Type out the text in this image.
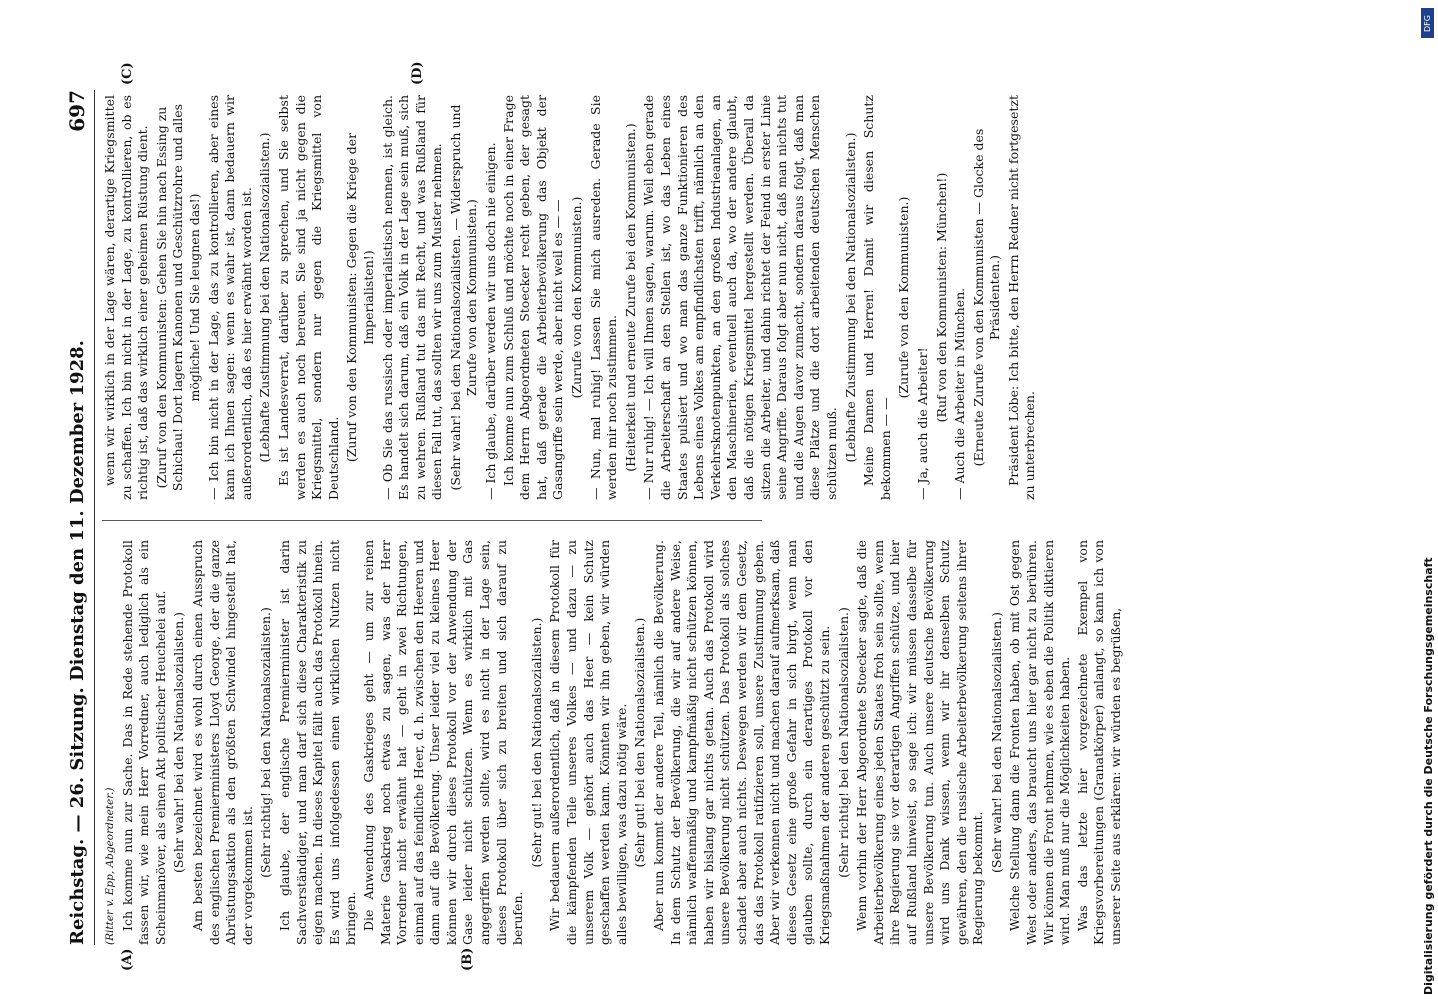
Reichstag. — 26. Sitzung. Dienstag den 11. Dezember 1928.
697

(Ritter v. Epp, Abgeordneter.) Ich komme nun zur Sache. Das in Rede stehende Protokoll fassen wir, wie mein Herr Vorredner, auch lediglich als ein Scheinmanöver, als einen Akt politischer Heuchelei auf. (Sehr wahr! bei den Nationalsozialisten.) Am besten bezeichnet wird es wohl durch einen Ausspruch des englischen Premierministers Lloyd George, der die ganze Abrüstungsaktion als den größten Schwindel hingestellt hat, der vorgekommen ist. (Sehr richtig! bei den Nationalsozialisten.) Ich glaube, der englische Premierminister ist darin Sachverständiger, und man darf sich diese Charakteristik zu eigen machen. In dieses Kapitel fällt auch das Protokoll hinein. Es wird uns infolgedessen einen wirklichen Nutzen nicht bringen. Die Anwendung des Gaskrieges geht — um zur reinen Materie Gaskrieg noch etwas zu sagen, was der Herr Vorredner nicht erwähnt hat — geht in zwei Richtungen, einmal auf das feindliche Heer, d. h. zwischen den Heeren und dann auf die Bevölkerung. Unser leider viel zu kleines Heer können wir durch dieses Protokoll vor der Anwendung der Gase leider nicht schützen. Wenn es wirklich mit Gas angegriffen werden sollte, wird es nicht in der Lage sein, dieses Protokoll über sich zu breiten und sich darauf zu berufen.

(Sehr gut! bei den Nationalsozialisten.) Wir bedauern außerordentlich, daß in diesem Protokoll für die kämpfenden Teile unseres Volkes — und dazu — zu unserem Volk — gehört auch das Heer — kein Schutz geschaffen werden kann. Könnten wir ihn geben, wir würden alles bewilligen, was dazu nötig wäre. (Sehr gut! bei den Nationalsozialisten.) Aber nun kommt der andere Teil, nämlich die Bevölkerung. In dem Schutz der Bevölkerung, die wir auf andere Weise, nämlich waffenmäßig und kampfmäßig nicht schützen können, haben wir bislang gar nichts getan. Auch das Protokoll wird unsere Bevölkerung nicht schützen. Das Protokoll als solches schadet aber auch nichts. Deswegen werden wir dem Gesetz, das das Protokoll ratifizieren soll, unsere Zustimmung geben. Aber wir verkennen nicht und machen darauf aufmerksam, daß dieses Gesetz eine große Gefahr in sich birgt, wenn man glauben sollte, durch ein derartiges Protokoll vor den Kriegsmaßnahmen der anderen geschützt zu sein. (Sehr richtig! bei den Nationalsozialisten.) Wenn vorhin der Herr Abgeordnete Stoecker sagte, daß die Arbeiterbevölkerung eines jeden Staates froh sein sollte, wenn ihre Regierung sie vor derartigen Angriffen schütze, und hier auf Rußland hinweist, so sage ich: wir müssen dasselbe für unsere Bevölkerung tun. Auch unsere deutsche Bevölkerung wird uns Dank wissen, wenn wir ihr denselben Schutz gewähren, den die russische Arbeiterbevölkerung seitens ihrer Regierung bekommt.

(Sehr wahr! bei den Nationalsozialisten.) Welche Stellung dann die Fronten haben, ob mit Ost gegen West oder anders, das braucht uns hier gar nicht zu berühren. Wir können die Front nehmen, wie es eben die Politik diktieren wird. Man muß nur die Möglichkeiten haben. Was das letzte hier vorgezeichnete Exempel von Kriegsvorbereitungen (Granatkörper) anlangt, so kann ich von unserer Seite aus erklären: wir würden es begrüßen,

wenn wir wirklich in der Lage wären, derartige Kriegsmittel zu schaffen. Ich bin nicht in der Lage, zu kontrollieren, ob es richtig ist, daß das wirklich einer geheimen Rüstung dient. (Zuruf von den Kommunisten: Gehen Sie hin nach Essing zu Schichau! Dort lagern Kanonen und Geschützrohre und alles mögliche! Und Sie leugnen das!) — Ich bin nicht in der Lage, das zu kontrollieren, aber eines kann ich Ihnen sagen: wenn es wahr ist, dann bedauern wir außerordentlich, daß es hier erwähnt worden ist. (Lebhafte Zustimmung bei den Nationalsozialisten.) Es ist Landesverrat, darüber zu sprechen, und Sie selbst werden es auch noch bereuen. Sie sind ja nicht gegen die Kriegsmittel, sondern nur gegen die Kriegsmittel von Deutschland. (Zuruf von den Kommunisten: Gegen die Kriege der Imperialisten!) — Ob Sie das russisch oder imperialistisch nennen, ist gleich. Es handelt sich darum, daß ein Volk in der Lage sein muß, sich zu wehren. Rußland tut das mit Recht, und was Rußland für diesen Fall tut, das sollten wir uns zum Muster nehmen. (Sehr wahr! bei den Nationalsozialisten. — Widerspruch und Zurufe von den Kommunisten.) — Ich glaube, darüber werden wir uns doch nie einigen. Ich komme nun zum Schluß und möchte noch in einer Frage dem Herrn Abgeordneten Stoecker recht geben, der gesagt hat, daß gerade die Arbeiterbevölkerung das Objekt der Gasangriffe sein werde, aber nicht weil es — — (Zurufe von den Kommunisten.) — Nun, mal ruhig! Lassen Sie mich ausreden. Gerade Sie werden mir noch zustimmen. (Heiterkeit und erneute Zurufe bei den Kommunisten.) — Nur ruhig! — Ich will Ihnen sagen, warum. Weil eben gerade die Arbeiterschaft an den Stellen ist, wo das Leben eines Staates pulsiert und wo man das ganze Funktionieren des Lebens eines Volkes am empfindlichsten trifft, nämlich an den Verkehrsknotenpunkten, an den großen Industrieanlagen, an den Maschinerien, eventuell auch da, wo der andere glaubt, daß die nötigen Kriegsmittel hergestellt werden. Überall da sitzen die Arbeiter, und dahin richtet der Feind in erster Linie seine Angriffe. Daraus folgt aber nun nicht, daß man nichts tut und die Augen davor zumacht, sondern daraus folgt, daß man diese Plätze und die dort arbeitenden deutschen Menschen schützen muß. (Lebhafte Zustimmung bei den Nationalsozialisten.) Meine Damen und Herren! Damit wir diesen Schutz bekommen — —

(Zurufe von den Kommunisten.)

— Ja, auch die Arbeiter!

(Ruf von den Kommunisten: München!) — Auch die Arbeiter in München. (Erneute Zurufe von den Kommunisten — Glocke des Präsidenten.) Präsident Löbe: Ich bitte, den Herrn Redner nicht fortgesetzt zu unterbrechen.

(A)	(B)
(C)	(D)
DFG
Digitalisierung gefördert durch die Deutsche Forschungsgemeinschaft
